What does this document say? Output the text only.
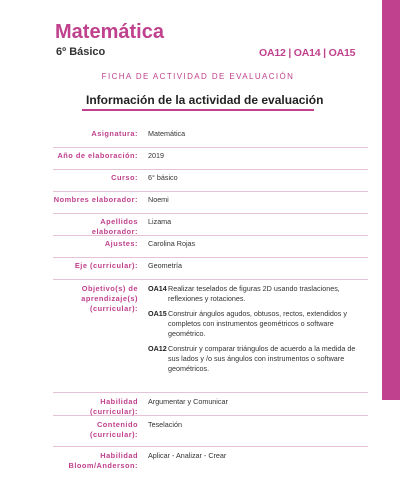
Matemática
6º Básico	OA12 | OA14 | OA15
FICHA DE ACTIVIDAD DE EVALUACIÓN
Información de la actividad de evaluación
Asignatura:	Matemática
Año de elaboración:	2019
Curso:	6° básico
Nombres elaborador:	Noemi
Apellidos elaborador:
Lizama
Ajustes:	Carolina Rojas
Eje (curricular):	Geometría
Objetivo(s) de
aprendizaje(s)
(curricular):
OA14 Realizar teselados de figuras 2D usando traslaciones, reflexiones y rotaciones.
OA15 Construir ángulos agudos, obtusos, rectos, extendidos y completos con instrumentos geométricos o software geométrico.
OA12 Construir y comparar triángulos de acuerdo a la medida de sus lados y /o sus ángulos con instrumentos o software geométricos.
Habilidad (curricular):
Argumentar y Comunicar
Contenido
(curricular):
Teselación
Habilidad
Bloom/Anderson:
Aplicar - Analizar - Crear
